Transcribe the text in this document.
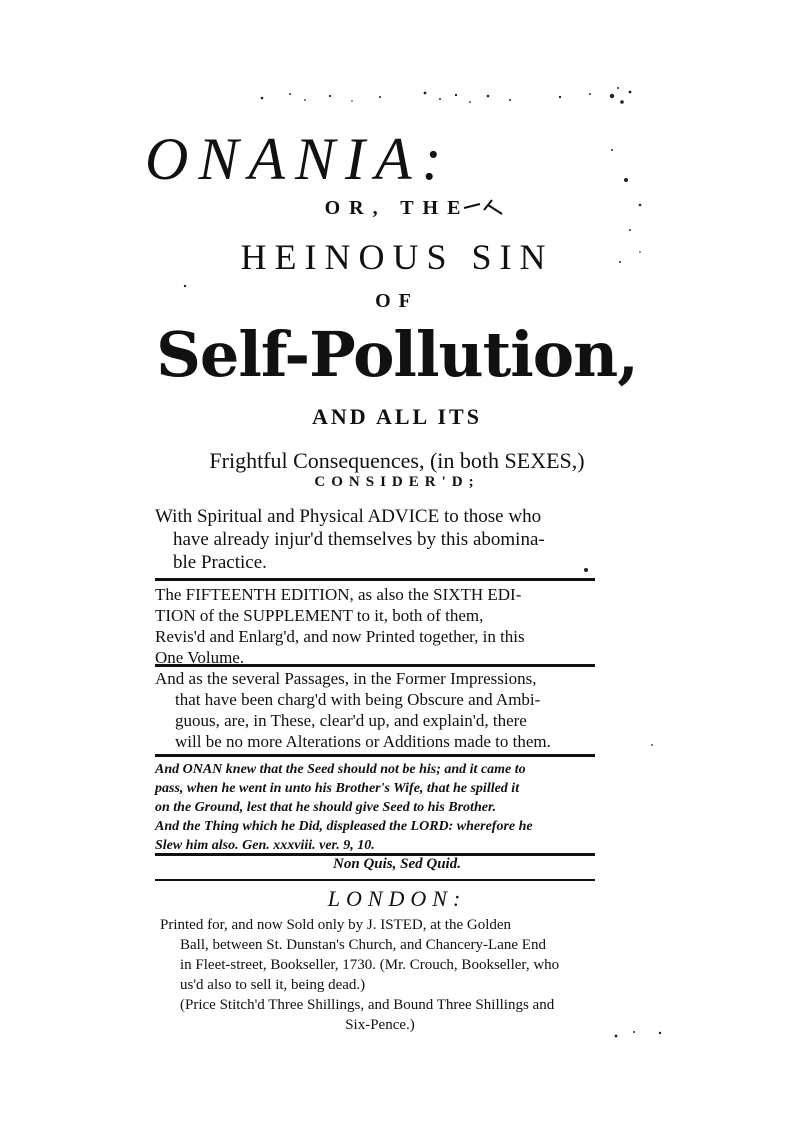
ONANIA:
OR, THE
HEINOUS SIN
OF
Self-Pollution,
AND ALL ITS
Frightful Consequences, (in both SEXES,)
CONSIDER'D;
With Spiritual and Physical ADVICE to those who
have already injur'd themselves by this abomina-
ble Practice.
The FIFTEENTH EDITION, as also the SIXTH EDI-
TION of the SUPPLEMENT to it, both of them,
Revis'd and Enlarg'd, and now Printed together, in this
One Volume.
And as the several Passages, in the Former Impressions,
that have been charg'd with being Obscure and Ambi-
guous, are, in These, clear'd up, and explain'd, there
will be no more Alterations or Additions made to them.
And ONAN knew that the Seed should not be his; and it came to
pass, when he went in unto his Brother's Wife, that he spilled it
on the Ground, lest that he should give Seed to his Brother.
And the Thing which he Did, displeased the LORD: wherefore he
Slew him also. Gen. xxxviii. ver. 9, 10.
Non Quis, Sed Quid.
LONDON:
Printed for, and now Sold only by J. ISTED, at the Golden
Ball, between St. Dunstan's Church, and Chancery-Lane End
in Fleet-street, Bookseller, 1730. (Mr. Crouch, Bookseller, who
us'd also to sell it, being dead.)
(Price Stitch'd Three Shillings, and Bound Three Shillings and
Six-Pence.)
